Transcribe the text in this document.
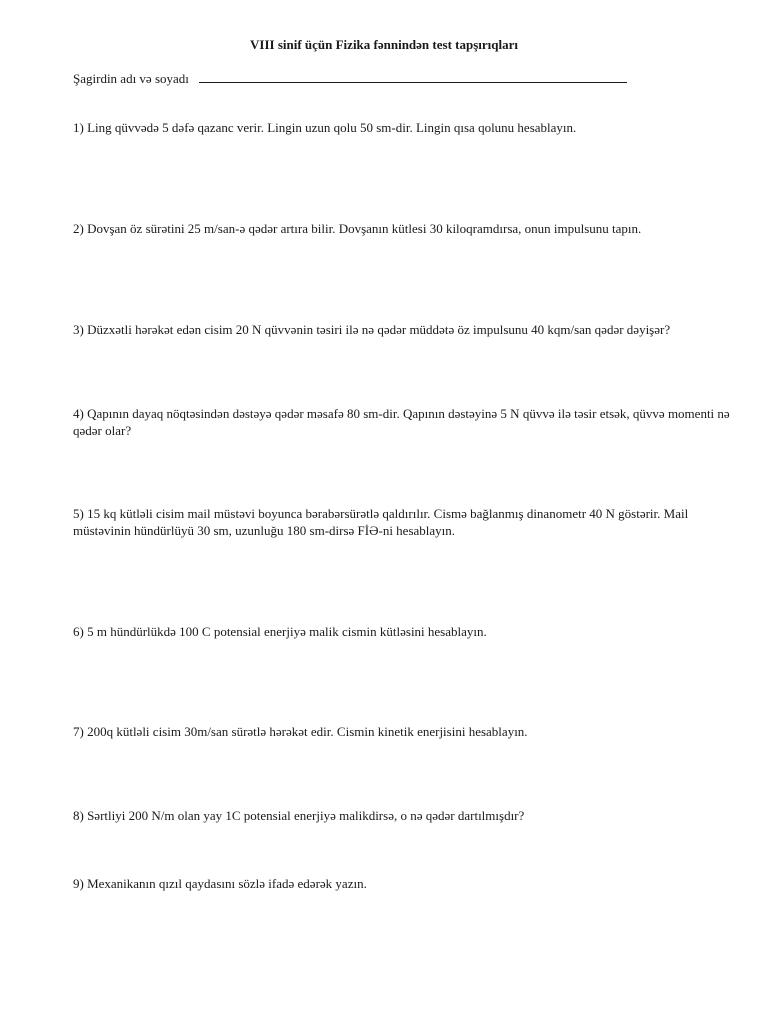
VIII sinif üçün Fizika fənnindən test tapşırıqları
Şagirdin adı və soyadı
1) Ling qüvvədə 5 dəfə qazanc verir. Lingin uzun qolu 50 sm-dir. Lingin qısa qolunu hesablayın.
2) Dovşan öz sürətini 25 m/san-ə qədər artıra bilir. Dovşanın kütlesi 30 kiloqramdırsa, onun impulsunu tapın.
3) Düzxətli hərəkət edən cisim 20 N qüvvənin təsiri ilə nə qədər müddətə öz impulsunu 40 kqm/san qədər dəyişər?
4) Qapının dayaq nöqtəsindən dəstəyə qədər məsafə 80 sm-dir. Qapının dəstəyinə 5 N qüvvə ilə təsir etsək, qüvvə momenti nə qədər olar?
5) 15 kq kütləli cisim mail müstəvi boyunca bərabərsürətlə qaldırılır. Cismə bağlanmış dinanometr 40 N göstərir. Mail müstəvinin hündürlüyü 30 sm, uzunluğu 180 sm-dirsə FİƏ-ni hesablayın.
6) 5 m hündürlükdə 100 C potensial enerjiyə malik cismin kütləsini hesablayın.
7) 200q kütləli cisim 30m/san sürətlə hərəkət edir. Cismin kinetik enerjisini hesablayın.
8) Sərtliyi 200 N/m olan yay 1C potensial enerjiyə malikdirsə, o nə qədər dartılmışdır?
9) Mexanikanın qızıl qaydasını sözlə ifadə edərək yazın.
